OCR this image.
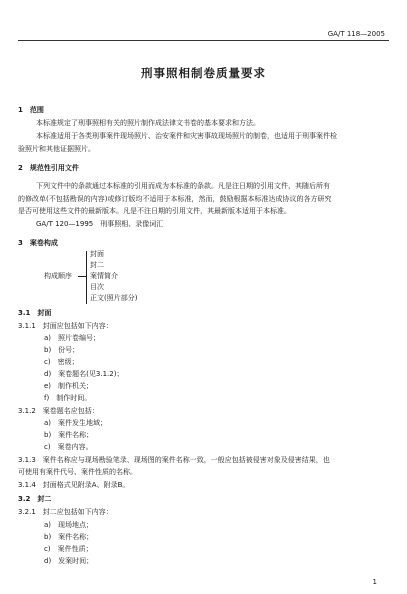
GA/T 118—2005
刑事照相制卷质量要求
1　范围
本标准规定了刑事照相有关的照片制作成法律文书卷的基本要求和方法。
本标准适用于各类刑事案件现场照片、治安案件和灾害事故现场照片的制卷，也适用于刑事案件检
验照片和其他证据照片。
2　规范性引用文件
下列文件中的条款通过本标准的引用而成为本标准的条款。凡是注日期的引用文件，其随后所有
的修改单(不包括勘误的内容)或修订版均不适用于本标准，然而，鼓励根据本标准达成协议的各方研究
是否可使用这些文件的最新版本。凡是不注日期的引用文件，其最新版本适用于本标准。
GA/T 120—1995　刑事照相、录像词汇
3　案卷构成
构成顺序
封面
封二
案情简介
目次
正文(照片部分)
3.1　封面
3.1.1　封面应包括如下内容：
a)　照片卷编号；
b)　份号；
c)　密级；
d)　案卷题名(见3.1.2)；
e)　制作机关；
f)　制作时间。
3.1.2　案卷题名应包括：
a)　案件发生地域；
b)　案件名称；
c)　案卷内容。
3.1.3　案件名称应与现场勘验笔录、现场图的案件名称一致，一般应包括被侵害对象及侵害结果，也
可使用有案件代号、案件性质的名称。
3.1.4　封面格式见附录A、附录B。
3.2　封二
3.2.1　封二应包括如下内容：
a)　现场地点；
b)　案件名称；
c)　案件性质；
d)　发案时间；
1
